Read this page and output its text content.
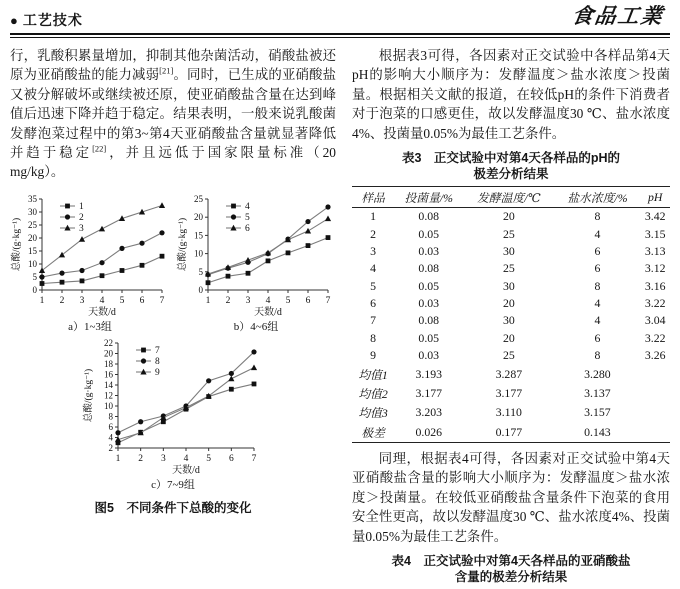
● 工艺技术	食品工業

行，乳酸积累量增加，抑制其他杂菌活动，硝酸盐被还原为亚硝酸盐的能力减弱[21]。同时，已生成的亚硝酸盐又被分解破坏或继续被还原，使亚硝酸盐含量在达到峰值后迅速下降并趋于稳定。结果表明，一般来说乳酸菌发酵泡菜过程中的第3~第4天亚硝酸盐含量就显著降低并趋于稳定[22]，并且远低于国家限量标准（20 mg/kg）。

0
5
10
15
20
25
30
35
1 2 3 4 5 6 7
总酸/(g·kg⁻¹)
天数/d
1
2
3
a）1~3组
0
5
10
15
20
25
1 2 3 4 5 6 7
总酸/(g·kg⁻¹)
天数/d
4
5
6
b）4~6组
2
4
6
8
10
12
14
16
18
20
22
1 2 3 4 5 6 7
总酸/(g·kg⁻¹)
天数/d
7
8
9
c）7~9组
图5　不同条件下总酸的变化

根据表3可得，各因素对正交试验中各样品第4天pH的影响大小顺序为：发酵温度＞盐水浓度＞投菌量。根据相关文献的报道，在较低pH的条件下消费者对于泡菜的口感更佳，故以发酵温度30 ℃、盐水浓度4%、投菌量0.05%为最佳工艺条件。

表3　正交试验中对第4天各样品的pH的
极差分析结果
样品	投菌量/%	发酵温度/℃	盐水浓度/%	pH
1	0.08	20	8	3.42
2	0.05	25	4	3.15
3	0.03	30	6	3.13
4	0.08	25	6	3.12
5	0.05	30	8	3.16
6	0.03	20	4	3.22
7	0.08	30	4	3.04
8	0.05	20	6	3.22
9	0.03	25	8	3.26
均值1	3.193	3.287	3.280	
均值2	3.177	3.177	3.137	
均值3	3.203	3.110	3.157	
极差	0.026	0.177	0.143	

同理，根据表4可得，各因素对正交试验中第4天亚硝酸盐含量的影响大小顺序为：发酵温度＞盐水浓度＞投菌量。在较低亚硝酸盐含量条件下泡菜的食用安全性更高，故以发酵温度30 ℃、盐水浓度4%、投菌量0.05%为最佳工艺条件。

表4　正交试验中对第4天各样品的亚硝酸盐
含量的极差分析结果
